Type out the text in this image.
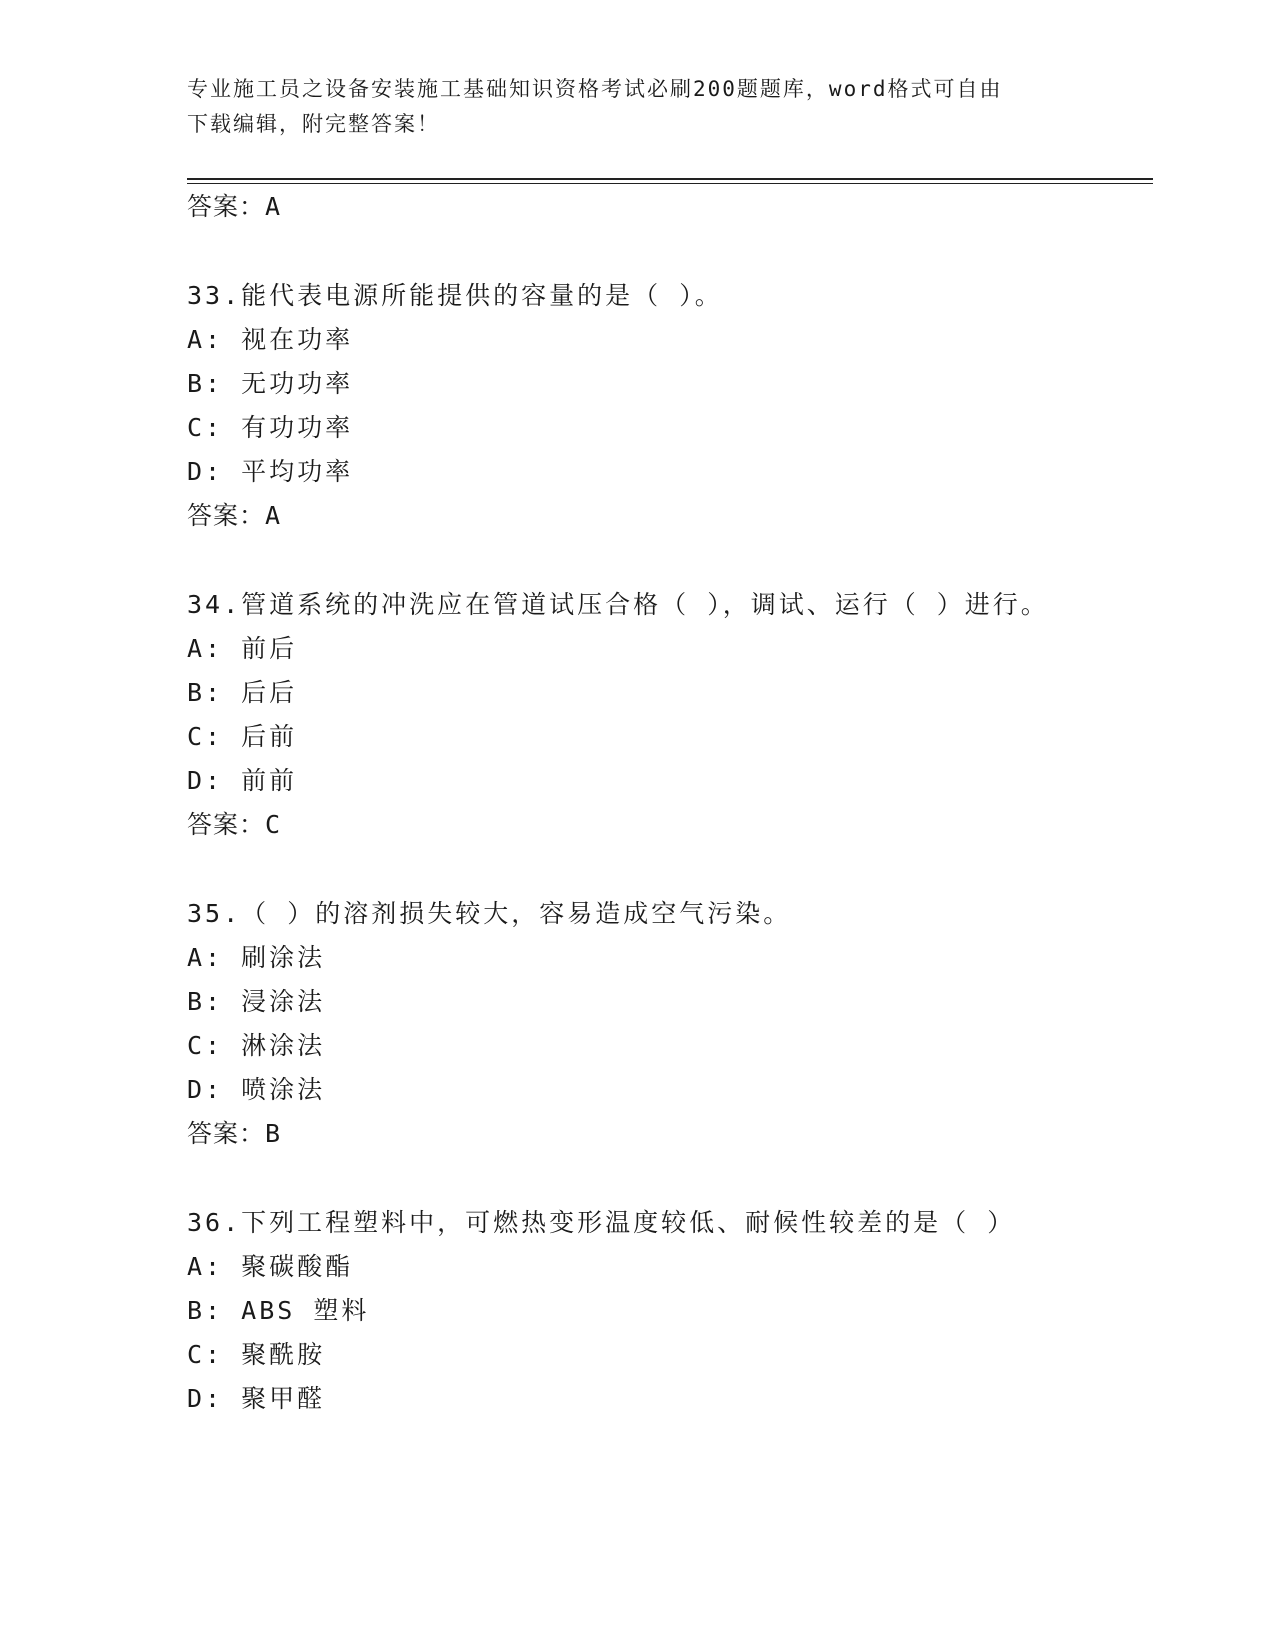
专业施工员之设备安装施工基础知识资格考试必刷200题题库，word格式可自由
下载编辑，附完整答案！
答案：A
33.能代表电源所能提供的容量的是（ ）。
A: 视在功率
B: 无功功率
C: 有功功率
D: 平均功率
答案：A
34.管道系统的冲洗应在管道试压合格（ ），调试、运行（ ）进行。
A: 前后
B: 后后
C: 后前
D: 前前
答案：C
35.（ ）的溶剂损失较大，容易造成空气污染。
A: 刷涂法
B: 浸涂法
C: 淋涂法
D: 喷涂法
答案：B
36.下列工程塑料中，可燃热变形温度较低、耐候性较差的是（ ）
A: 聚碳酸酯
B: ABS 塑料
C: 聚酰胺
D: 聚甲醛
